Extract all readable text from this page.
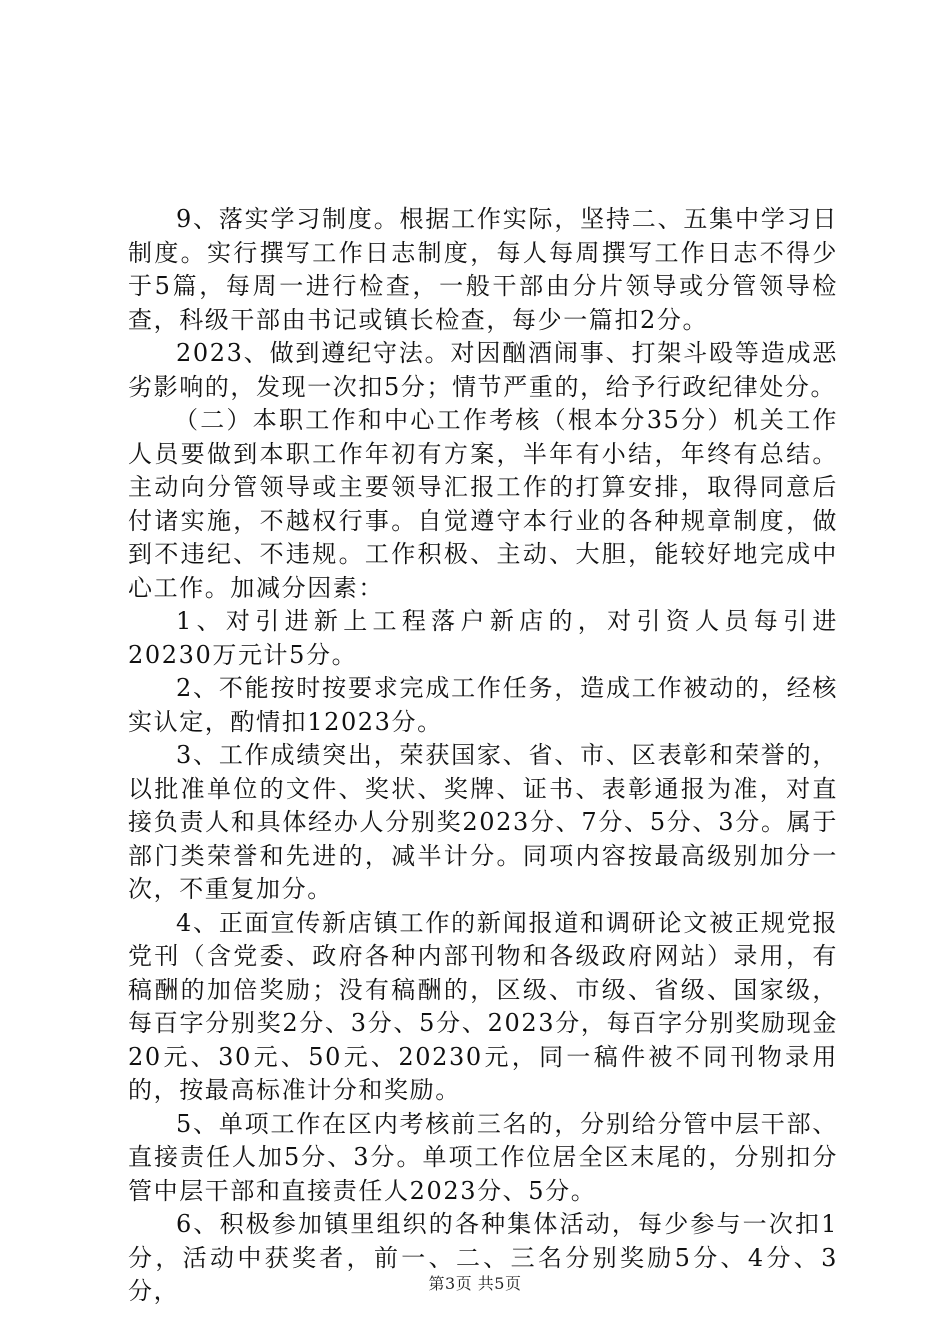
9、落实学习制度。根据工作实际，坚持二、五集中学习日制度。实行撰写工作日志制度，每人每周撰写工作日志不得少于5篇，每周一进行检查，一般干部由分片领导或分管领导检查，科级干部由书记或镇长检查，每少一篇扣2分。

2023、做到遵纪守法。对因酗酒闹事、打架斗殴等造成恶劣影响的，发现一次扣5分；情节严重的，给予行政纪律处分。

（二）本职工作和中心工作考核（根本分35分）机关工作人员要做到本职工作年初有方案，半年有小结，年终有总结。主动向分管领导或主要领导汇报工作的打算安排，取得同意后付诸实施，不越权行事。自觉遵守本行业的各种规章制度，做到不违纪、不违规。工作积极、主动、大胆，能较好地完成中心工作。加减分因素：

1、对引进新上工程落户新店的，对引资人员每引进20230万元计5分。

2、不能按时按要求完成工作任务，造成工作被动的，经核实认定，酌情扣12023分。

3、工作成绩突出，荣获国家、省、市、区表彰和荣誉的，以批准单位的文件、奖状、奖牌、证书、表彰通报为准，对直接负责人和具体经办人分别奖2023分、7分、5分、3分。属于部门类荣誉和先进的，减半计分。同项内容按最高级别加分一次，不重复加分。

4、正面宣传新店镇工作的新闻报道和调研论文被正规党报党刊（含党委、政府各种内部刊物和各级政府网站）录用，有稿酬的加倍奖励；没有稿酬的，区级、市级、省级、国家级，每百字分别奖2分、3分、5分、2023分，每百字分别奖励现金20元、30元、50元、20230元，同一稿件被不同刊物录用的，按最高标准计分和奖励。

5、单项工作在区内考核前三名的，分别给分管中层干部、直接责任人加5分、3分。单项工作位居全区末尾的，分别扣分管中层干部和直接责任人2023分、5分。

6、积极参加镇里组织的各种集体活动，每少参与一次扣1分，活动中获奖者，前一、二、三名分别奖励5分、4分、3分，	第3页 共5页
